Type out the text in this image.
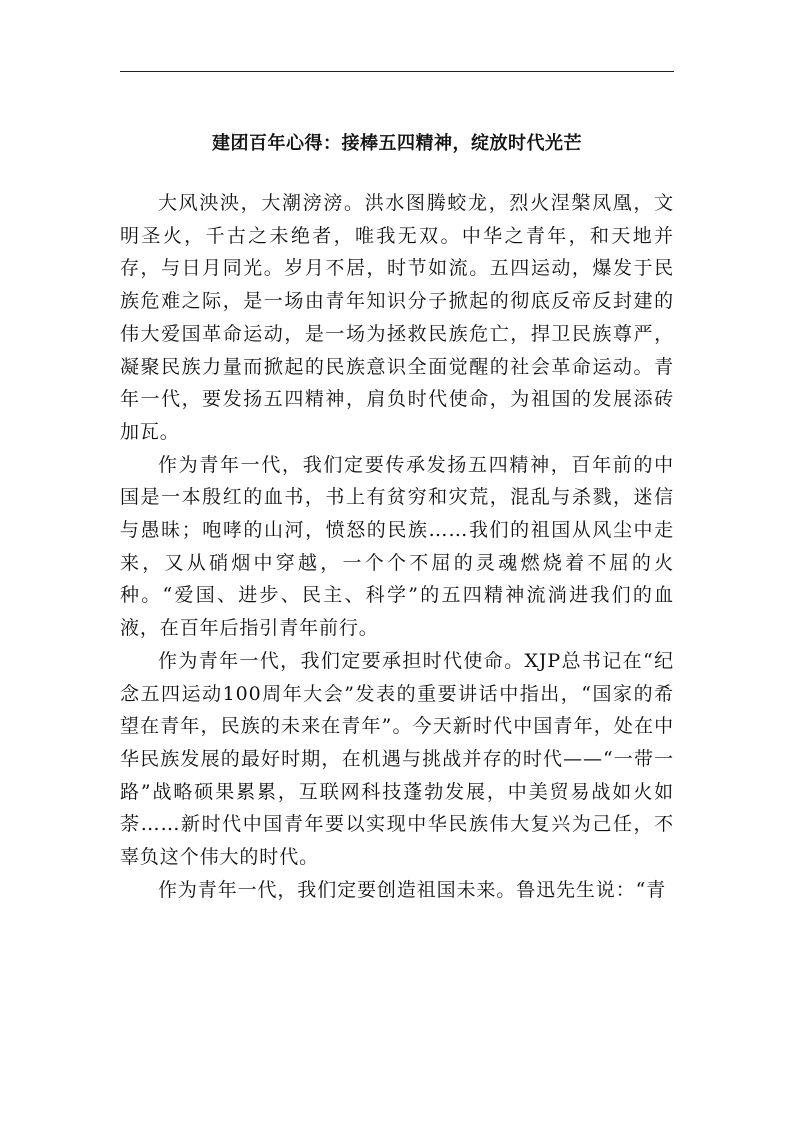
建团百年心得：接棒五四精神，绽放时代光芒

大风泱泱，大潮滂滂。洪水图腾蛟龙，烈火涅槃凤凰，文明圣火，千古之未绝者，唯我无双。中华之青年，和天地并存，与日月同光。岁月不居，时节如流。五四运动，爆发于民族危难之际，是一场由青年知识分子掀起的彻底反帝反封建的伟大爱国革命运动，是一场为拯救民族危亡，捍卫民族尊严，凝聚民族力量而掀起的民族意识全面觉醒的社会革命运动。青年一代，要发扬五四精神，肩负时代使命，为祖国的发展添砖加瓦。

作为青年一代，我们定要传承发扬五四精神，百年前的中国是一本殷红的血书，书上有贫穷和灾荒，混乱与杀戮，迷信与愚昧；咆哮的山河，愤怒的民族……我们的祖国从风尘中走来，又从硝烟中穿越，一个个不屈的灵魂燃烧着不屈的火种。“爱国、进步、民主、科学”的五四精神流淌进我们的血液，在百年后指引青年前行。

作为青年一代，我们定要承担时代使命。XJP总书记在“纪念五四运动100周年大会”发表的重要讲话中指出，“国家的希望在青年，民族的未来在青年”。今天新时代中国青年，处在中华民族发展的最好时期，在机遇与挑战并存的时代——“一带一路”战略硕果累累，互联网科技蓬勃发展，中美贸易战如火如荼……新时代中国青年要以实现中华民族伟大复兴为己任，不辜负这个伟大的时代。

作为青年一代，我们定要创造祖国未来。鲁迅先生说：“青
